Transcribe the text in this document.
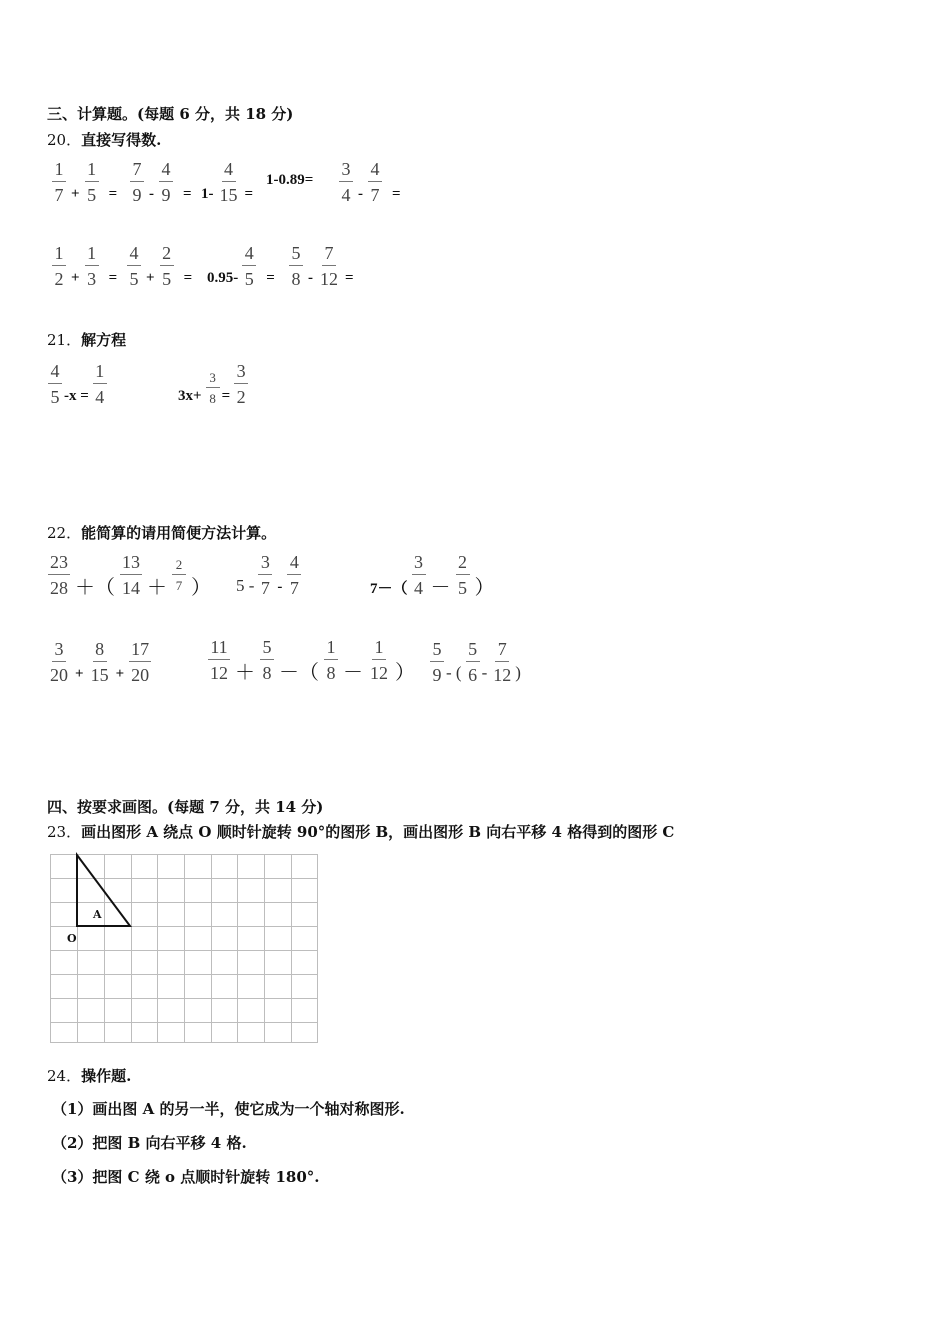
三、计算题。(每题 6 分，共 18 分)
20．直接写得数.
$\frac{1}{7} + \frac{1}{5} = \frac{7}{9} - \frac{4}{9} = 1- \frac{4}{15}$ =
$1-0.89= \frac{3}{4} - \frac{4}{7}$ =
$\frac{1}{2} + \frac{1}{3} = \frac{4}{5} + \frac{2}{5} = 0.95- \frac{4}{5} = \frac{5}{8} - \frac{7}{12}$ =
21．解方程
$\frac{4}{5} -x = \frac{1}{4}$	$3x+ \frac{3}{8} = \frac{3}{2}$
22．能简算的请用简便方法计算。
$\frac{23}{28}$ ＋（ $\frac{13}{14} + \frac{2}{7}$ ） $5 - \frac{3}{7} - \frac{4}{7}$	$7-( \frac{3}{4} - \frac{2}{5}$ ）
$\frac{3}{20} + \frac{8}{15} + \frac{17}{20}$	$\frac{11}{12} + \frac{5}{8}$ －（ $\frac{1}{8} - \frac{1}{12}$ ） $\frac{5}{9}$ - ( $\frac{5}{6} - \frac{7}{12}$ )
四、按要求画图。(每题 7 分，共 14 分)
23．画出图形 A 绕点 O 顺时针旋转 90°的图形 B，画出图形 B 向右平移 4 格得到的图形 C
A
O
24．操作题.
（1）画出图 A 的另一半，使它成为一个轴对称图形.
（2）把图 B 向右平移 4 格.
（3）把图 C 绕 o 点顺时针旋转 180°.
